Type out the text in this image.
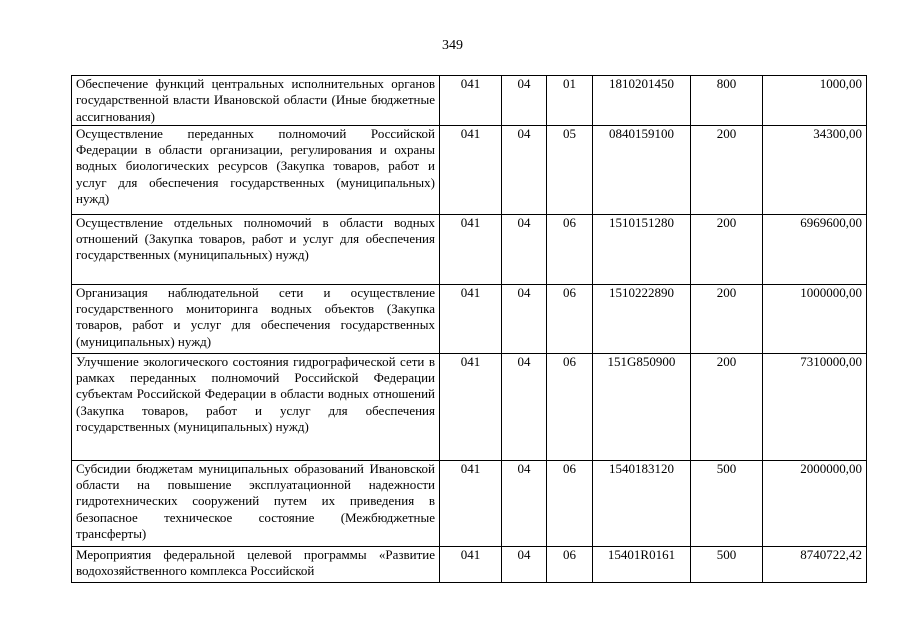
349
Обеспечение функций центральных исполнительных органов государственной власти Ивановской области (Иные бюджетные ассигнования)	041	04	01	1810201450	800	1000,00
Осуществление переданных полномочий Российской Федерации в области организации, регулирования и охраны водных биологических ресурсов (Закупка товаров, работ и услуг для обеспечения государственных (муниципальных) нужд)	041	04	05	0840159100	200	34300,00
Осуществление отдельных полномочий в области водных отношений (Закупка товаров, работ и услуг для обеспечения государственных (муниципальных) нужд)	041	04	06	1510151280	200	6969600,00
Организация наблюдательной сети и осуществление государственного мониторинга водных объектов (Закупка товаров, работ и услуг для обеспечения государственных (муниципальных) нужд)	041	04	06	1510222890	200	1000000,00
Улучшение экологического состояния гидрографической сети в рамках переданных полномочий Российской Федерации субъектам Российской Федерации в области водных отношений (Закупка товаров, работ и услуг для обеспечения государственных (муниципальных) нужд)	041	04	06	151G850900	200	7310000,00
Субсидии бюджетам муниципальных образований Ивановской области на повышение эксплуатационной надежности гидротехнических сооружений путем их приведения в безопасное техническое состояние (Межбюджетные трансферты)	041	04	06	1540183120	500	2000000,00
Мероприятия федеральной целевой программы «Развитие водохозяйственного комплекса Российской	041	04	06	15401R0161	500	8740722,42
